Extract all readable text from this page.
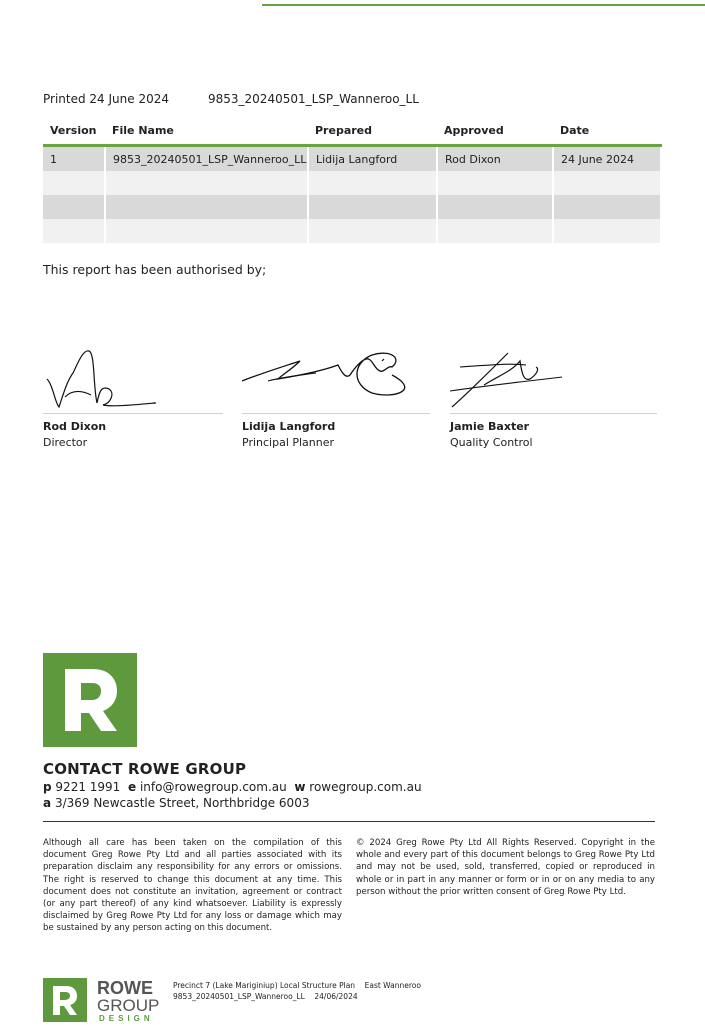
Printed 24 June 2024	9853_20240501_LSP_Wanneroo_LL
Version	File Name	Prepared	Approved	Date
1	9853_20240501_LSP_Wanneroo_LL	Lidija Langford	Rod Dixon	24 June 2024

This report has been authorised by;
Rod Dixon
Director
Lidija Langford
Principal Planner
Jamie Baxter
Quality Control
CONTACT ROWE GROUP
p 9221 1991 e info@rowegroup.com.au w rowegroup.com.au
a 3/369 Newcastle Street, Northbridge 6003
Although all care has been taken on the compilation of this document Greg Rowe Pty Ltd and all parties associated with its preparation disclaim any responsibility for any errors or omissions. The right is reserved to change this document at any time. This document does not constitute an invitation, agreement or contract (or any part thereof) of any kind whatsoever. Liability is expressly disclaimed by Greg Rowe Pty Ltd for any loss or damage which may be sustained by any person acting on this document.
© 2024 Greg Rowe Pty Ltd All Rights Reserved. Copyright in the whole and every part of this document belongs to Greg Rowe Pty Ltd and may not be used, sold, transferred, copied or reproduced in whole or in part in any manner or form or in or on any media to any person without the prior written consent of Greg Rowe Pty Ltd.
ROWE
GROUP
DESIGN
Precinct 7 (Lake Mariginiup) Local Structure Plan East Wanneroo
9853_20240501_LSP_Wanneroo_LL 24/06/2024
